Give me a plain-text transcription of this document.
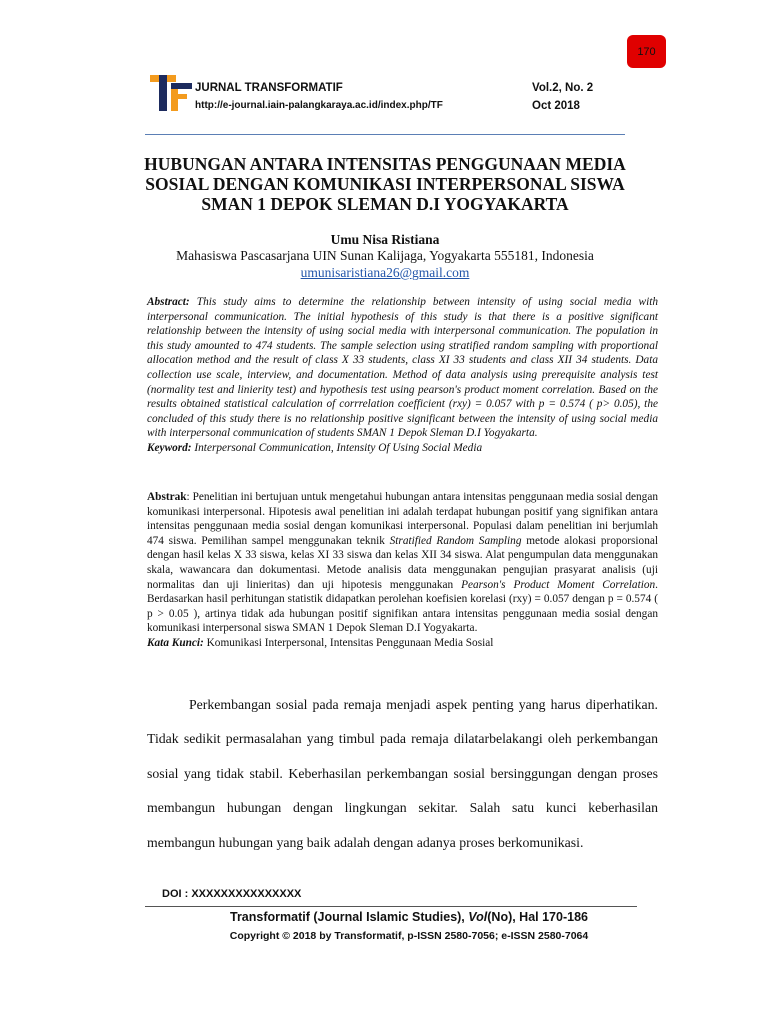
170
JURNAL TRANSFORMATIF
http://e-journal.iain-palangkaraya.ac.id/index.php/TF
Vol.2, No. 2
Oct 2018
HUBUNGAN ANTARA INTENSITAS PENGGUNAAN MEDIA SOSIAL DENGAN KOMUNIKASI INTERPERSONAL SISWA SMAN 1 DEPOK SLEMAN D.I YOGYAKARTA
Umu Nisa Ristiana
Mahasiswa Pascasarjana UIN Sunan Kalijaga, Yogyakarta 555181, Indonesia
umunisaristiana26@gmail.com
Abstract: This study aims to determine the relationship between intensity of using social media with interpersonal communication. The initial hypothesis of this study is that there is a positive significant relationship between the intensity of using social media with interpersonal communication. The population in this study amounted to 474 students. The sample selection using stratified random sampling with proportional allocation method and the result of class X 33 students, class XI 33 students and class XII 34 students. Data collection use scale, interview, and documentation. Method of data analysis using prerequisite analysis test (normality test and linierity test) and hypothesis test using pearson's product moment correlation. Based on the results obtained statistical calculation of corrrelation coefficient (rxy) = 0.057 with p = 0.574 ( p> 0.05), the concluded of this study there is no relationship positive significant between the intensity of using social media with interpersonal communication of students SMAN 1 Depok Sleman D.I Yogyakarta.
Keyword: Interpersonal Communication, Intensity Of Using Social Media
Abstrak: Penelitian ini bertujuan untuk mengetahui hubungan antara intensitas penggunaan media sosial dengan komunikasi interpersonal. Hipotesis awal penelitian ini adalah terdapat hubungan positif yang signifikan antara intensitas penggunaan media sosial dengan komunikasi interpersonal. Populasi dalam penelitian ini berjumlah 474 siswa. Pemilihan sampel menggunakan teknik Stratified Random Sampling metode alokasi proporsional dengan hasil kelas X 33 siswa, kelas XI 33 siswa dan kelas XII 34 siswa. Alat pengumpulan data menggunakan skala, wawancara dan dokumentasi. Metode analisis data menggunakan pengujian prasyarat analisis (uji normalitas dan uji linieritas) dan uji hipotesis menggunakan Pearson's Product Moment Correlation. Berdasarkan hasil perhitungan statistik didapatkan perolehan koefisien korelasi (rxy) = 0.057 dengan p = 0.574 ( p > 0.05 ), artinya tidak ada hubungan positif signifikan antara intensitas penggunaan media sosial dengan komunikasi interpersonal siswa SMAN 1 Depok Sleman D.I Yogyakarta.
Kata Kunci: Komunikasi Interpersonal, Intensitas Penggunaan Media Sosial

Perkembangan sosial pada remaja menjadi aspek penting yang harus diperhatikan. Tidak sedikit permasalahan yang timbul pada remaja dilatarbelakangi oleh perkembangan sosial yang tidak stabil. Keberhasilan perkembangan sosial bersinggungan dengan proses membangun hubungan dengan lingkungan sekitar. Salah satu kunci keberhasilan membangun hubungan yang baik adalah dengan adanya proses berkomunikasi.

DOI : XXXXXXXXXXXXXXX
Transformatif (Journal Islamic Studies), Vol(No), Hal 170-186
Copyright © 2018 by Transformatif, p-ISSN 2580-7056; e-ISSN 2580-7064
